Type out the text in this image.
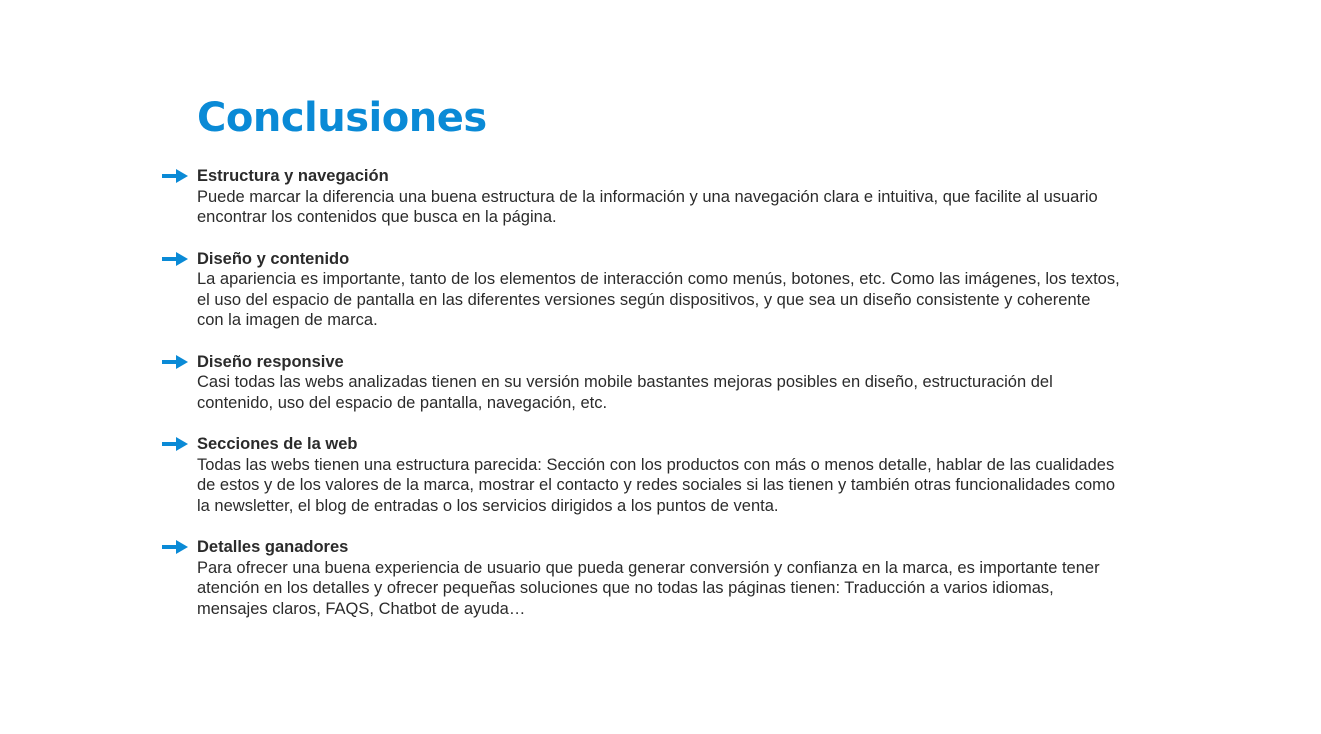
Conclusiones
Estructura y navegación
Puede marcar la diferencia una buena estructura de la información y una navegación clara e intuitiva, que facilite al usuario encontrar los contenidos que busca en la página.
Diseño y contenido
La apariencia es importante, tanto de los elementos de interacción como menús, botones, etc. Como las imágenes, los textos, el uso del espacio de pantalla en las diferentes versiones según dispositivos, y que sea un diseño consistente y coherente con la imagen de marca.
Diseño responsive
Casi todas las webs analizadas tienen en su versión mobile bastantes mejoras posibles en diseño, estructuración del contenido, uso del espacio de pantalla, navegación, etc.
Secciones de la web
Todas las webs tienen una estructura parecida: Sección con los productos con más o menos detalle, hablar de las cualidades de estos y de los valores de la marca, mostrar el contacto y redes sociales si las tienen y también otras funcionalidades como la newsletter, el blog de entradas o los servicios dirigidos a los puntos de venta.
Detalles ganadores
Para ofrecer una buena experiencia de usuario que pueda generar conversión y confianza en la marca, es importante tener atención en los detalles y ofrecer pequeñas soluciones que no todas las páginas tienen: Traducción a varios idiomas, mensajes claros, FAQS, Chatbot de ayuda…
